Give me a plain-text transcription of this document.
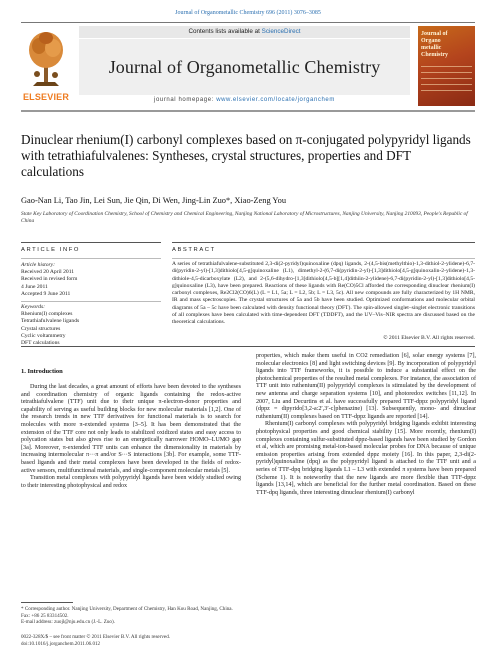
Journal of Organometallic Chemistry 696 (2011) 3076–3085
ELSEVIER
Contents lists available at ScienceDirect
Journal of Organometallic Chemistry
journal homepage: www.elsevier.com/locate/jorganchem
Journal of Organo metallic Chemistry
Dinuclear rhenium(I) carbonyl complexes based on π-conjugated polypyridyl ligands with tetrathiafulvalenes: Syntheses, crystal structures, properties and DFT calculations
Gao-Nan Li, Tao Jin, Lei Sun, Jie Qin, Di Wen, Jing-Lin Zuo*, Xiao-Zeng You
State Key Laboratory of Coordination Chemistry, School of Chemistry and Chemical Engineering, Nanjing National Laboratory of Microstructures, Nanjing University, Nanjing 210093, People's Republic of China
ARTICLE INFO	ABSTRACT
Article history:
Received 20 April 2011
Received in revised form
4 June 2011
Accepted 9 June 2011
Keywords:
Rhenium(I) complexes
Tetrathiafulvalene ligands
Crystal structures
Cyclic voltammetry
DFT calculations
A series of tetrathiafulvalene-substituted 2,3-di(2-pyridyl)quinoxaline (dpq) ligands, 2-(4,5-bis(methylthio)-1,3-dithiol-2-ylidene)-6,7-di(pyridin-2-yl)-[1,3]dithiolo[4,5-g]quinoxaline (L1), dimethyl-2-(6,7-di(pyridin-2-yl)-[1,3]dithiolo[4,5-g]quinoxalin-2-ylidene)-1,3-dithiole-4,5-dicarboxylate (L2), and 2-(5,6-dihydro-[1,3]dithiolo[4,5-b][1,4]dithiin-2-ylidene)-6,7-di(pyridin-2-yl)-[1,3]dithiolo[4,5-g]quinoxaline (L3), have been prepared. Reactions of these ligands with Re(CO)5Cl afforded the corresponding dinuclear rhenium(I) carbonyl complexes, Re2Cl2(CO)6(L) (L = L1, 5a; L = L2, 5b; L = L3, 5c). All new compounds are fully characterized by 1H NMR, IR and mass spectroscopies. The crystal structures of 5a and 5b have been studied. Optimized conformations and molecular orbital diagrams of 5a – 5c have been calculated with density functional theory (DFT). The spin-allowed singlet–singlet electronic transitions of all complexes have been calculated with time-dependent DFT (TDDFT), and the UV–Vis–NIR spectra are discussed based on the theoretical calculations.
© 2011 Elsevier B.V. All rights reserved.
1. Introduction

During the last decades, a great amount of efforts have been devoted to the syntheses and coordination chemistry of organic ligands containing the redox-active tetrathiafulvalene (TTF) unit due to their unique π-electron-donor properties and capability of serving as useful building blocks for new molecular materials [1,2]. One of the research trends in new TTF derivatives for functional materials is to search for molecules with more π-extended systems [3–5]. It has been demonstrated that the extension of the TTF core not only leads to stabilized oxidized states and easy access to polycation states but also gives rise to an energetically narrower HOMO–LUMO gap [3a]. Moreover, π-extended TTF units can enhance the dimensionality in materials by increasing intermolecular π···π and/or S···S interactions [3b]. For example, some TTF-based ligands and their metal complexes have been developed in the fields of redox-active sensors, multifunctional materials, and single-component molecular metals [5].

Transition metal complexes with polypyridyl ligands have been widely studied owing to their interesting photophysical and redox

properties, which make them useful in CO2 remediation [6], solar energy systems [7], molecular electronics [8] and light switching devices [9]. By incorporation of polypyridyl ligands into TTF frameworks, it is possible to induce a substantial effect on the photochemical properties of the resulted metal complexes. For instance, the association of TTF unit into ruthenium(II) polypyridyl complexes is stimulated by the development of new antenna and charge separation systems [10], and photoredox switches [11,12]. In 2007, Liu and Decurtins et al. have successfully prepared TTF-dppz polypyridyl ligand (dppz = dipyrido[3,2-a:2′,3′-c]phenazine) [13]. Subsequently, mono- and dinuclear ruthenium(II) complexes based on TTF-dppz ligands are reported [14].

Rhenium(I) carbonyl complexes with polypyridyl bridging ligands exhibit interesting photophysical properties and good chemical stability [15]. More recently, rhenium(I) complexes containing sulfur-substituted dppz-based ligands have been studied by Gordon et al, which are promising metal-ion-based molecular probes for DNA because of unique emission properties arising from extended dppz moiety [16]. In this paper, 2,3-di(2-pyridyl)quinoxaline (dpq) as the polypyridyl ligand is attached to the TTF unit and a series of TTF-dpq bridging ligands L1 – L3 with extended π systems have been prepared (Scheme 1). It is noteworthy that the new ligands are more flexible than TTF-dppz ligands [13,14], which are beneficial for the further metal coordination. Based on these TTF-dpq ligands, three interesting dinuclear rhenium(I) carbonyl

* Corresponding author. Nanjing University, Department of Chemistry, Han Kou Road, Nanjing, China. Fax: +86 25 83314502.
E-mail address: zuojl@nju.edu.cn (J.-L. Zuo).
0022-328X/$ – see front matter © 2011 Elsevier B.V. All rights reserved.
doi:10.1016/j.jorganchem.2011.06.012
